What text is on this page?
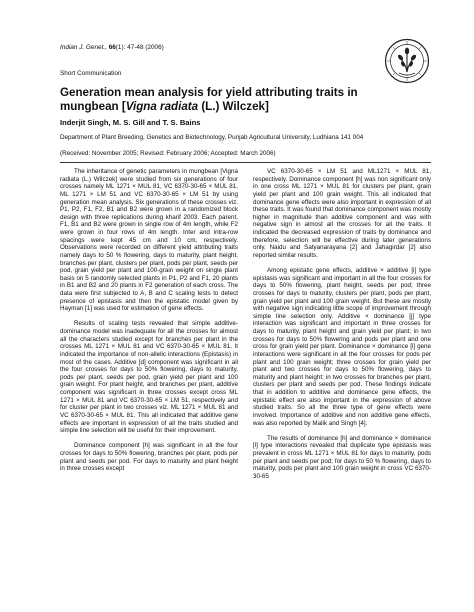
Indian J. Genet., 66(1): 47-48 (2006)
Short Communication
Generation mean analysis for yield attributing traits in
mungbean [Vigna radiata (L.) Wilczek]
Inderjit Singh, M. S. Gill and T. S. Bains
Department of Plant Breeding, Genetics and Biotechnology, Punjab Agricultural University, Ludhiana 141 004
(Received: November 2005; Revised: February 2006; Accepted: March 2006)

The inheritance of genetic parameters in mungbean [Vigna radiata (L.) Wilczek] were studied from six generations of four crosses namely ML 1271 × MUL 81, VC 6370-30-65 × MUL 81, ML 1271 × LM 51 and VC 6370-30-65 × LM 51 by using generation mean analysis. Six generations of these crosses viz. P1, P2, F1, F2, B1 and B2 were grown in a randomized block design with three replications during kharif 2003. Each parent, F1, B1 and B2 were grown in single row of 4m length, while F2 were grown in four rows of 4m length. Inter and intra-row spacings were kept 45 cm and 10 cm, respectively. Observations were recorded on different yield attributing traits namely days to 50 % flowering, days to maturity, plant height, branches per plant, clusters per plant, pods per plant, seeds per pod, grain yield per plant and 100-grain weight on single plant basis on 5 randomly selected plants in P1, P2 and F1, 20 plants in B1 and B2 and 20 plants in F2 generation of each cross. The data were first subjected to A, B and C scaling tests to detect presence of epistasis and then the epistatic model given by Hayman [1] was used for estimation of gene effects.

Results of scaling tests revealed that simple additive-dominance model was inadequate for all the crosses for almost all the characters studied except for branches per plant in the crosses ML 1271 × MUL 81 and VC 6370-30-65 × MUL 81. It indicated the importance of non-allelic interactions (Epistasis) in most of the cases. Additive [d] component was significant in all the four crosses for days to 50% flowering, days to maturity, pods per plant, seeds per pod, grain yield per plant and 100 grain weight. For plant height, and branches per plant, additive component was significant in three crosses except cross ML 1271 × MUL 81 and VC 6370-30-65 × LM 51, respectively and for cluster per plant in two crosses viz. ML 1271 × MUL 81 and VC 6370-30-65 × MUL 81. This all indicated that additive gene effects are important in expression of all the traits studied and simple line selection will be useful for their improvement.

Dominance component [h] was significant in all the four crosses for days to 50% flowering, branches per plant, pods per plant and seeds per pod. For days to maturity and plant height in three crosses except

VC 6370-30-65 × LM 51 and ML1271 × MUL 81, respectively. Dominance component [h] was non significant only in one cross ML 1271 × MUL 81 for clusters per plant, grain yield per plant and 100 grain weight. This all indicated that dominance gene effects were also important in expression of all these traits. It was found that dominance component was mostly higher in magnitude than additive component and was with negative sign in almost all the crosses for all the traits. It indicated the decreased expression of traits by dominance and therefore, selection will be effective during later generations only. Naidu and Satyanarayana [2] and Jahagirdar [2] also reported similar results.

Among epistatic gene effects, additive × additive [i] type epistasis was significant and important in all the four crosses for days to 50% flowering, plant height, seeds per pod; three crosses for days to maturity, clusters per plant, pods per plant, grain yield per plant and 100 grain weight. But these are mostly with negative sign indicating little scope of improvement through simple line selection only. Additive × dominance [j] type interaction was significant and important in three crosses for days to maturity, plant height and grain yield per plant; in two crosses for days to 50% flowering and pods per plant and one cross for grain yield per plant. Dominance × dominance [l] gene interactions were significant in all the four crosses for pods per plant and 100 grain weight; three crosses for grain yield per plant and two crosses for days to 50% flowering, days to maturity and plant height; in two crosses for branches per plant, clusters per plant and seeds per pod. These findings indicate that in addition to additive and dominance gene effects, the epistatic effect are also important in the expression of above studied traits. So all the three type of gene effects were involved. Importance of additive and non additive gene effects, was also reported by Malik and Singh [4].

The results of dominance [h] and dominance × dominance [l] type interactions revealed that duplicate type epistasis was prevalent in cross ML 1271 × MUL 81 for days to maturity, pods per plant and seeds per pod; for days to 50 % flowering, days to maturity, pods per plant and 100 grain weight in cross VC 6370-30-65
